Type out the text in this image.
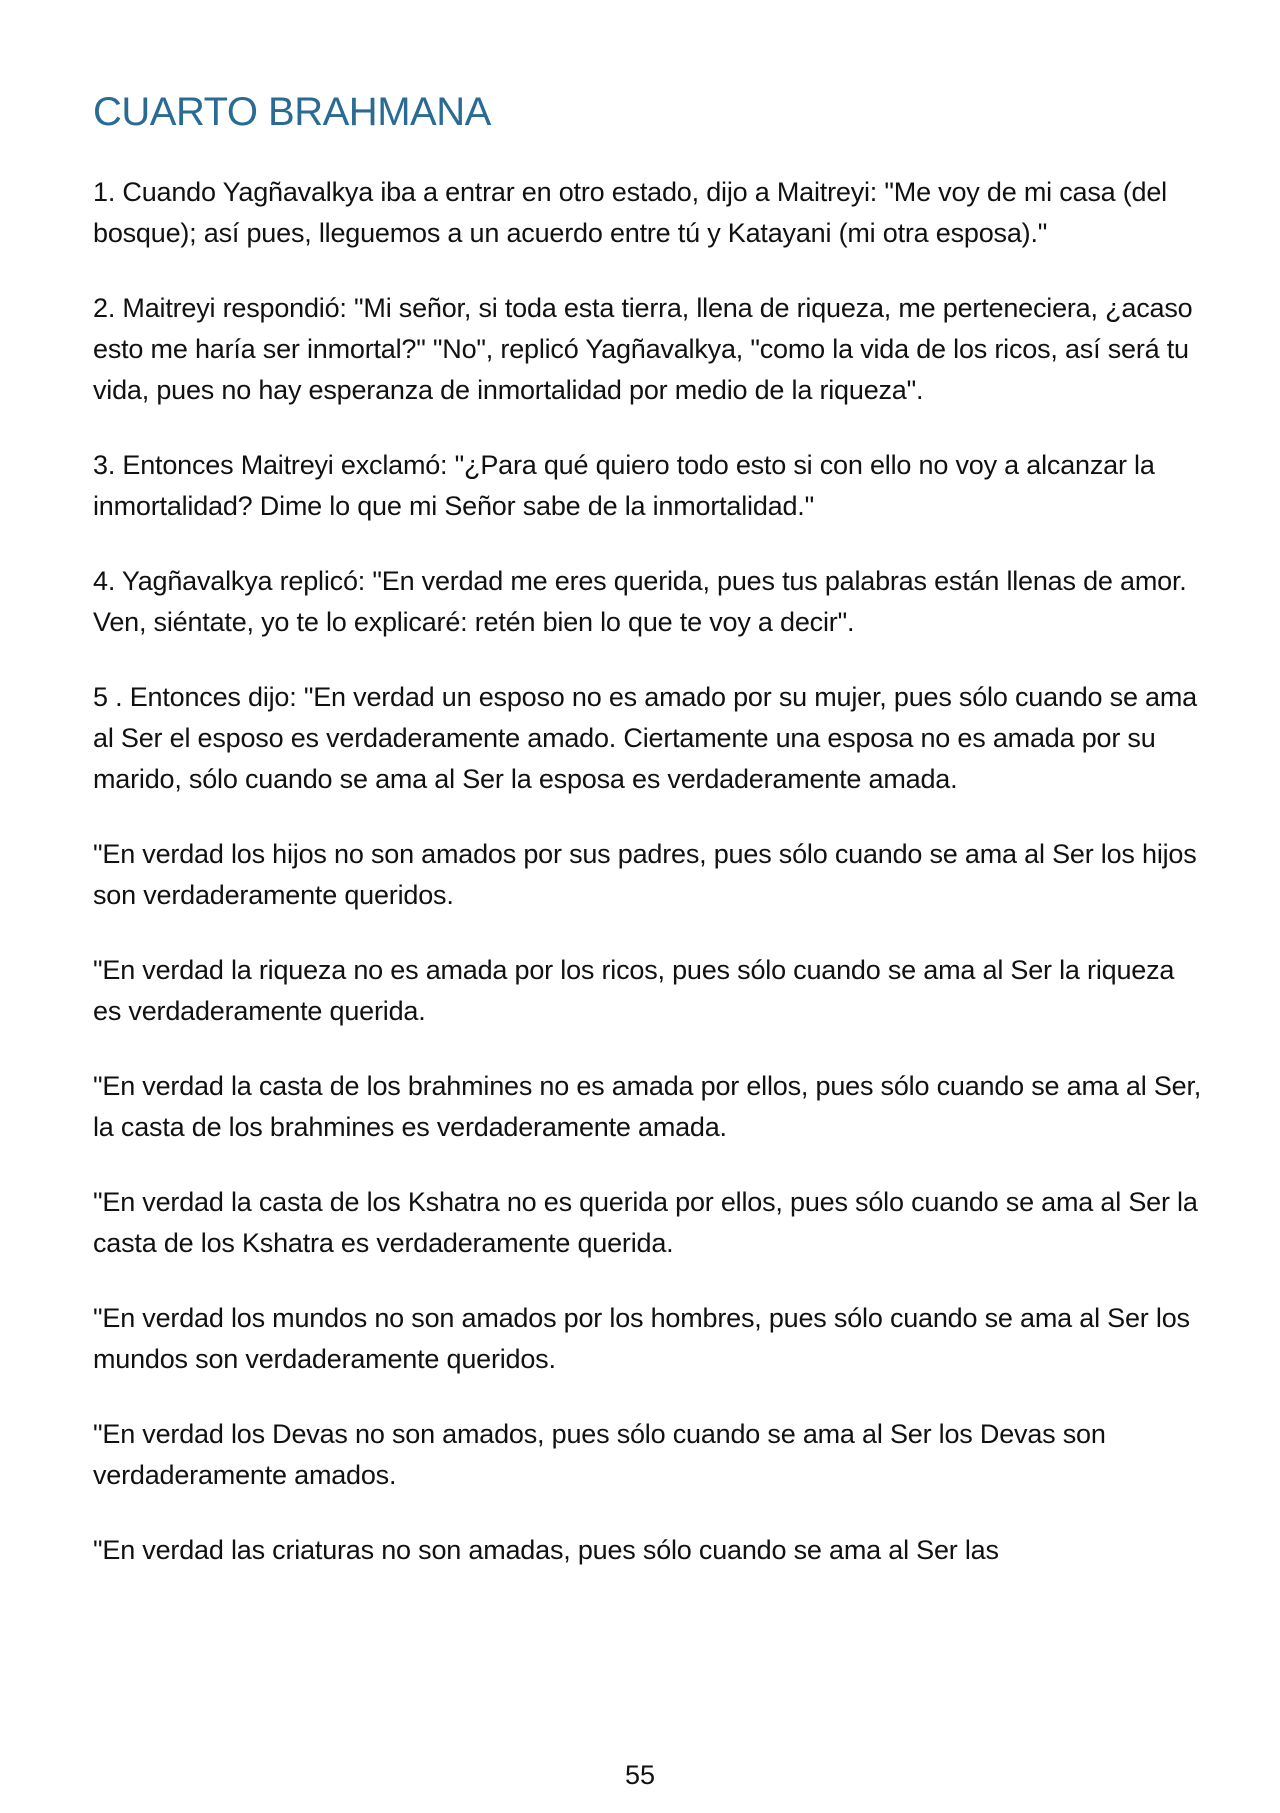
CUARTO BRAHMANA

1. Cuando Yagñavalkya iba a entrar en otro estado, dijo a Maitreyi: "Me voy de mi casa (del bosque); así pues, lleguemos a un acuerdo entre tú y Katayani (mi otra esposa)."

2. Maitreyi respondió: "Mi señor, si toda esta tierra, llena de riqueza, me perteneciera, ¿acaso esto me haría ser inmortal?" "No", replicó Yagñavalkya, "como la vida de los ricos, así será tu vida, pues no hay esperanza de inmortalidad por medio de la riqueza".

3. Entonces Maitreyi exclamó: "¿Para qué quiero todo esto si con ello no voy a alcanzar la inmortalidad? Dime lo que mi Señor sabe de la inmortalidad."

4. Yagñavalkya replicó: "En verdad me eres querida, pues tus palabras están llenas de amor. Ven, siéntate, yo te lo explicaré: retén bien lo que te voy a decir".

5 . Entonces dijo: "En verdad un esposo no es amado por su mujer, pues sólo cuando se ama al Ser el esposo es verdaderamente amado. Ciertamente una esposa no es amada por su marido, sólo cuando se ama al Ser la esposa es verdaderamente amada.

"En verdad los hijos no son amados por sus padres, pues sólo cuando se ama al Ser los hijos son verdaderamente queridos.

"En verdad la riqueza no es amada por los ricos, pues sólo cuando se ama al Ser la riqueza es verdaderamente querida.

"En verdad la casta de los brahmines no es amada por ellos, pues sólo cuando se ama al Ser, la casta de los brahmines es verdaderamente amada.

"En verdad la casta de los Kshatra no es querida por ellos, pues sólo cuando se ama al Ser la casta de los Kshatra es verdaderamente querida.

"En verdad los mundos no son amados por los hombres, pues sólo cuando se ama al Ser los mundos son verdaderamente queridos.

"En verdad los Devas no son amados, pues sólo cuando se ama al Ser los Devas son verdaderamente amados.

"En verdad las criaturas no son amadas, pues sólo cuando se ama al Ser las

55
